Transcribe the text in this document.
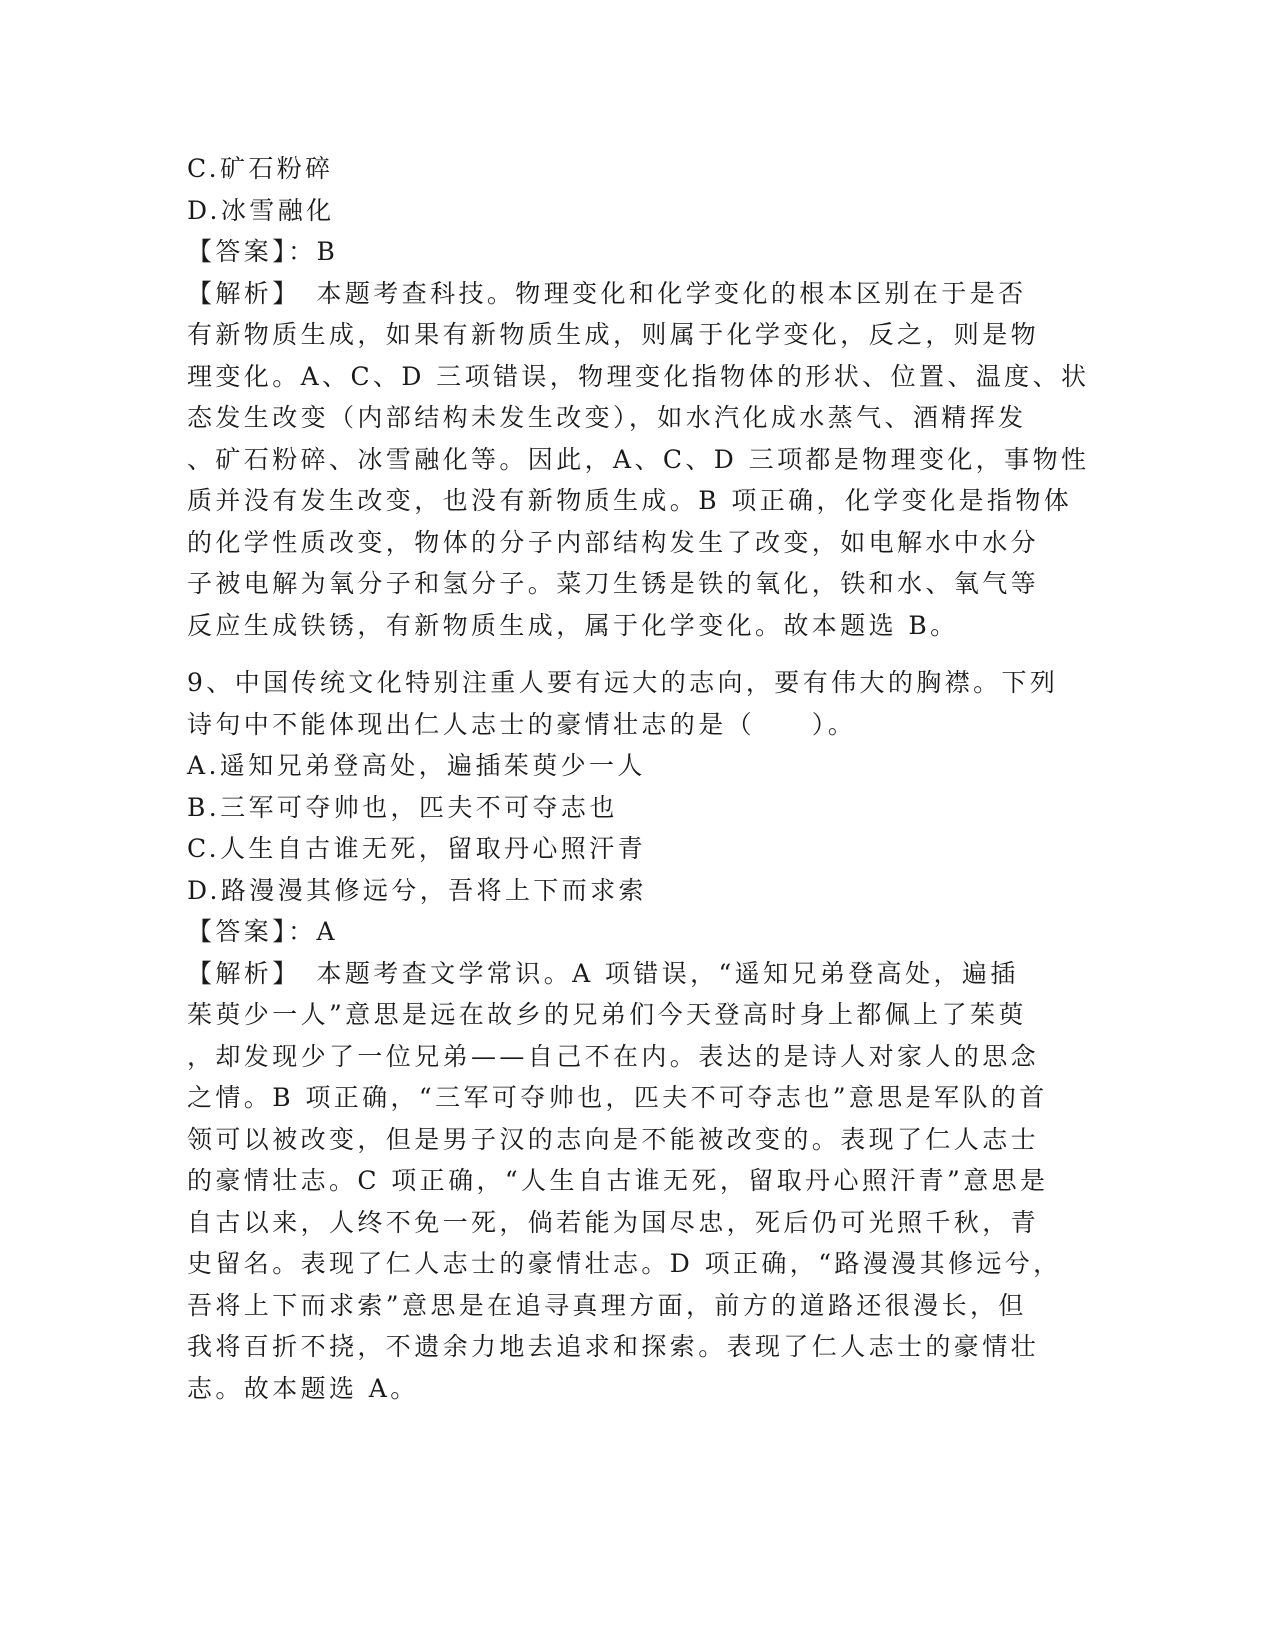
C.矿石粉碎
D.冰雪融化
【答案】：B
【解析】　本题考查科技。物理变化和化学变化的根本区别在于是否
有新物质生成，如果有新物质生成，则属于化学变化，反之，则是物
理变化。A、C、D 三项错误，物理变化指物体的形状、位置、温度、状
态发生改变（内部结构未发生改变），如水汽化成水蒸气、酒精挥发
、矿石粉碎、冰雪融化等。因此，A、C、D 三项都是物理变化，事物性
质并没有发生改变，也没有新物质生成。B 项正确，化学变化是指物体
的化学性质改变，物体的分子内部结构发生了改变，如电解水中水分
子被电解为氧分子和氢分子。菜刀生锈是铁的氧化，铁和水、氧气等
反应生成铁锈，有新物质生成，属于化学变化。故本题选 B。
9、中国传统文化特别注重人要有远大的志向，要有伟大的胸襟。下列
诗句中不能体现出仁人志士的豪情壮志的是（　　）。
A.遥知兄弟登高处，遍插茱萸少一人
B.三军可夺帅也，匹夫不可夺志也
C.人生自古谁无死，留取丹心照汗青
D.路漫漫其修远兮，吾将上下而求索
【答案】：A
【解析】　本题考查文学常识。A 项错误，“遥知兄弟登高处，遍插
茱萸少一人”意思是远在故乡的兄弟们今天登高时身上都佩上了茱萸
，却发现少了一位兄弟——自己不在内。表达的是诗人对家人的思念
之情。B 项正确，“三军可夺帅也，匹夫不可夺志也”意思是军队的首
领可以被改变，但是男子汉的志向是不能被改变的。表现了仁人志士
的豪情壮志。C 项正确，“人生自古谁无死，留取丹心照汗青”意思是
自古以来，人终不免一死，倘若能为国尽忠，死后仍可光照千秋，青
史留名。表现了仁人志士的豪情壮志。D 项正确，“路漫漫其修远兮，
吾将上下而求索”意思是在追寻真理方面，前方的道路还很漫长，但
我将百折不挠，不遗余力地去追求和探索。表现了仁人志士的豪情壮
志。故本题选 A。
